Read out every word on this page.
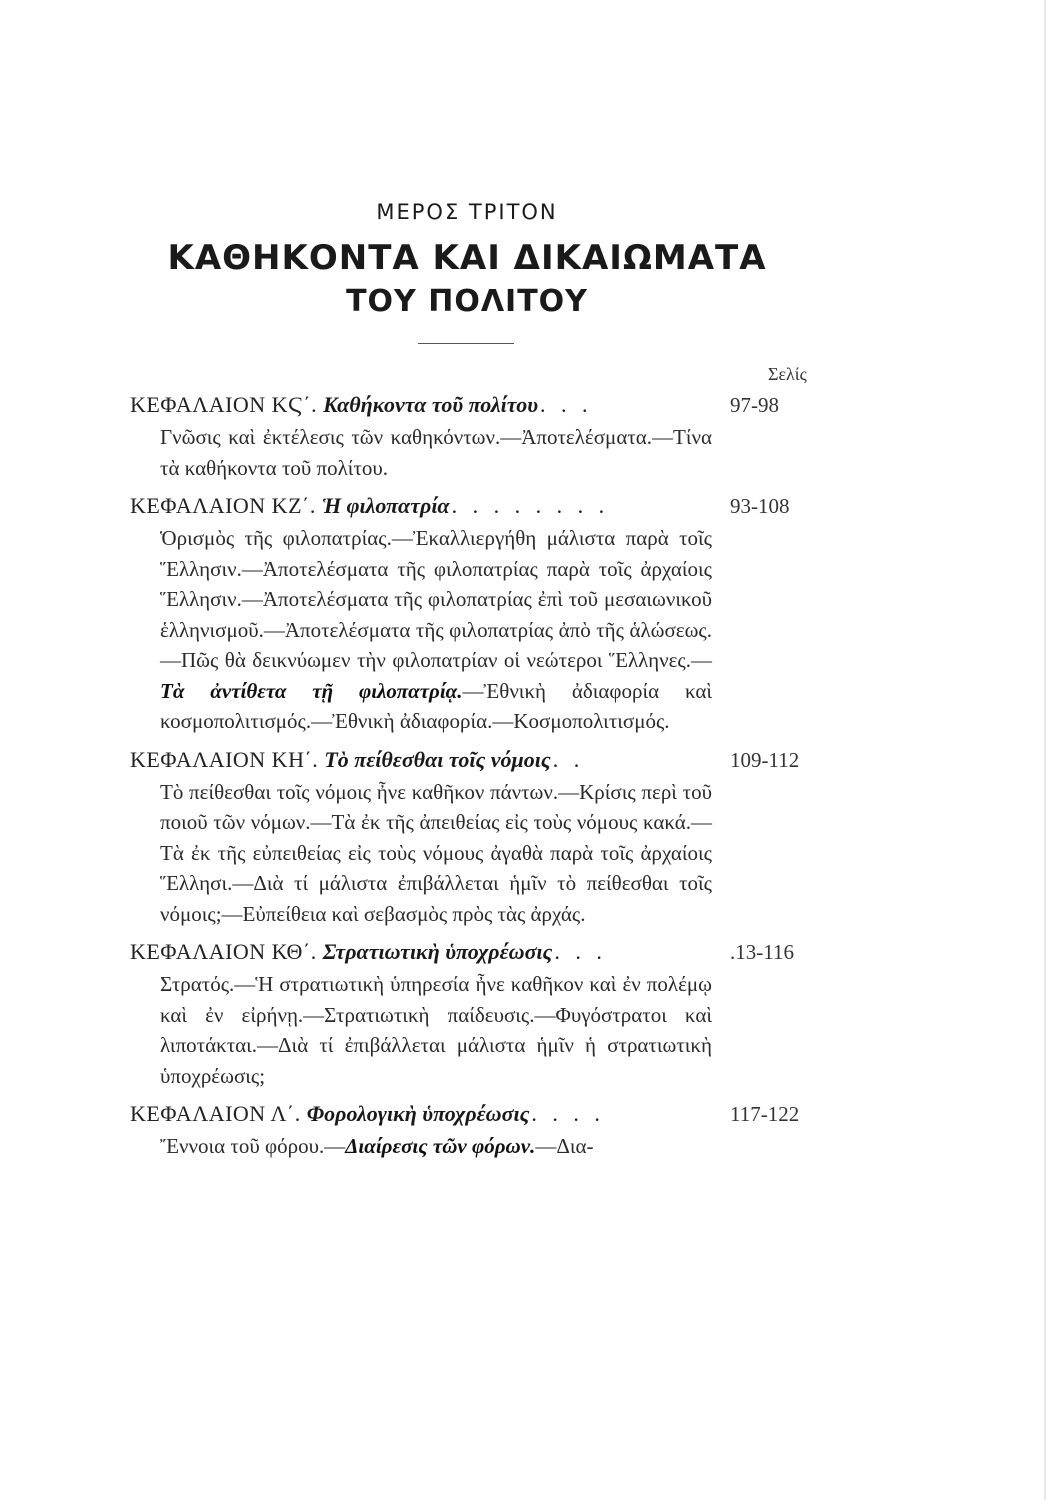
ΜΕΡΟΣ ΤΡΙΤΟΝ
ΚΑΘΗΚΟΝΤΑ ΚΑΙ ΔΙΚΑΙΩΜΑΤΑ
ΤΟΥ ΠΟΛΙΤΟΥ
Σελίς
ΚΕΦΑΛΑΙΟΝ ΚϚ΄. Καθήκοντα τοῦ πολίτου. . .	97-98
Γνῶσις καὶ ἐκτέλεσις τῶν καθηκόντων.—Ἀποτελέσματα.—Τίνα τὰ καθήκοντα τοῦ πολίτου.
ΚΕΦΑΛΑΙΟΝ ΚΖ΄. Ἡ φιλοπατρία. . . . . . . .	93-108
Ὁρισμὸς τῆς φιλοπατρίας.—Ἐκαλλιεργήθη μάλιστα παρὰ τοῖς Ἕλλησιν.—Ἀποτελέσματα τῆς φιλοπατρίας παρὰ τοῖς ἀρχαίοις Ἕλλησιν.—Ἀποτελέσματα τῆς φιλοπατρίας ἐπὶ τοῦ μεσαιωνικοῦ ἑλληνισμοῦ.—Ἀποτελέσματα τῆς φιλοπατρίας ἀπὸ τῆς ἁλώσεως.—Πῶς θὰ δεικνύωμεν τὴν φιλοπατρίαν οἱ νεώτεροι Ἕλληνες.—Τὰ ἀντίθετα τῇ φιλοπατρίᾳ.—Ἐθνικὴ ἀδιαφορία καὶ κοσμοπολιτισμός.—Ἐθνικὴ ἀδιαφορία.—Κοσμοπολιτισμός.
ΚΕΦΑΛΑΙΟΝ ΚΗ΄. Τὸ πείθεσθαι τοῖς νόμοις. .	109-112
Τὸ πείθεσθαι τοῖς νόμοις ἦνε καθῆκον πάντων.—Κρίσις περὶ τοῦ ποιοῦ τῶν νόμων.—Τὰ ἐκ τῆς ἀπειθείας εἰς τοὺς νόμους κακά.—Τὰ ἐκ τῆς εὐπειθείας εἰς τοὺς νόμους ἀγαθὰ παρὰ τοῖς ἀρχαίοις Ἕλλησι.—Διὰ τί μάλιστα ἐπιβάλλεται ἡμῖν τὸ πείθεσθαι τοῖς νόμοις;—Εὐπείθεια καὶ σεβασμὸς πρὸς τὰς ἀρχάς.
ΚΕΦΑΛΑΙΟΝ ΚΘ΄. Στρατιωτικὴ ὑποχρέωσις. . .	.13-116
Στρατός.—Ἡ στρατιωτικὴ ὑπηρεσία ἦνε καθῆκον καὶ ἐν πολέμῳ καὶ ἐν εἰρήνῃ.—Στρατιωτικὴ παίδευσις.—Φυγόστρατοι καὶ λιποτάκται.—Διὰ τί ἐπιβάλλεται μάλιστα ἡμῖν ἡ στρατιωτικὴ ὑποχρέωσις;
ΚΕΦΑΛΑΙΟΝ Λ΄. Φορολογικὴ ὑποχρέωσις. . . .	117-122
Ἔννοια τοῦ φόρου.—Διαίρεσις τῶν φόρων.—Δια-
